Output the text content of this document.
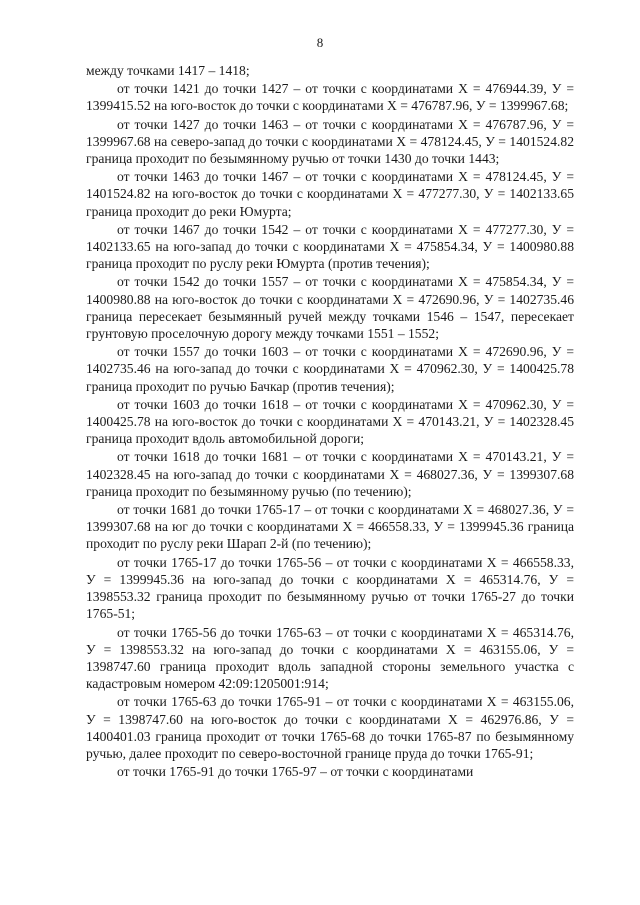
8

между точками 1417 – 1418;

от точки 1421 до точки 1427 – от точки с координатами Х = 476944.39, У = 1399415.52 на юго-восток до точки с координатами Х = 476787.96, У = 1399967.68;

от точки 1427 до точки 1463 – от точки с координатами Х = 476787.96, У = 1399967.68 на северо-запад до точки с координатами Х = 478124.45, У = 1401524.82 граница проходит по безымянному ручью от точки 1430 до точки 1443;

от точки 1463 до точки 1467 – от точки с координатами Х = 478124.45, У = 1401524.82 на юго-восток до точки с координатами Х = 477277.30, У = 1402133.65 граница проходит до реки Юмурта;

от точки 1467 до точки 1542 – от точки с координатами Х = 477277.30, У = 1402133.65 на юго-запад до точки с координатами Х = 475854.34, У = 1400980.88 граница проходит по руслу реки Юмурта (против течения);

от точки 1542 до точки 1557 – от точки с координатами Х = 475854.34, У = 1400980.88 на юго-восток до точки с координатами Х = 472690.96, У = 1402735.46 граница пересекает безымянный ручей между точками 1546 – 1547, пересекает грунтовую проселочную дорогу между точками 1551 – 1552;

от точки 1557 до точки 1603 – от точки с координатами Х = 472690.96, У = 1402735.46 на юго-запад до точки с координатами Х = 470962.30, У = 1400425.78 граница проходит по ручью Бачкар (против течения);

от точки 1603 до точки 1618 – от точки с координатами Х = 470962.30, У = 1400425.78 на юго-восток до точки с координатами Х = 470143.21, У = 1402328.45 граница проходит вдоль автомобильной дороги;

от точки 1618 до точки 1681 – от точки с координатами Х = 470143.21, У = 1402328.45 на юго-запад до точки с координатами Х = 468027.36, У = 1399307.68 граница проходит по безымянному ручью (по течению);

от точки 1681 до точки 1765-17 – от точки с координатами Х = 468027.36, У = 1399307.68 на юг до точки с координатами Х = 466558.33, У = 1399945.36 граница проходит по руслу реки Шарап 2-й (по течению);

от точки 1765-17 до точки 1765-56 – от точки с координатами Х = 466558.33, У = 1399945.36 на юго-запад до точки с координатами Х = 465314.76, У = 1398553.32 граница проходит по безымянному ручью от точки 1765-27 до точки 1765-51;

от точки 1765-56 до точки 1765-63 – от точки с координатами Х = 465314.76, У = 1398553.32 на юго-запад до точки с координатами Х = 463155.06, У = 1398747.60 граница проходит вдоль западной стороны земельного участка с кадастровым номером 42:09:1205001:914;

от точки 1765-63 до точки 1765-91 – от точки с координатами Х = 463155.06, У = 1398747.60 на юго-восток до точки с координатами Х = 462976.86, У = 1400401.03 граница проходит от точки 1765-68 до точки 1765-87 по безымянному ручью, далее проходит по северо-восточной границе пруда до точки 1765-91;

от точки 1765-91 до точки 1765-97 – от точки с координатами
